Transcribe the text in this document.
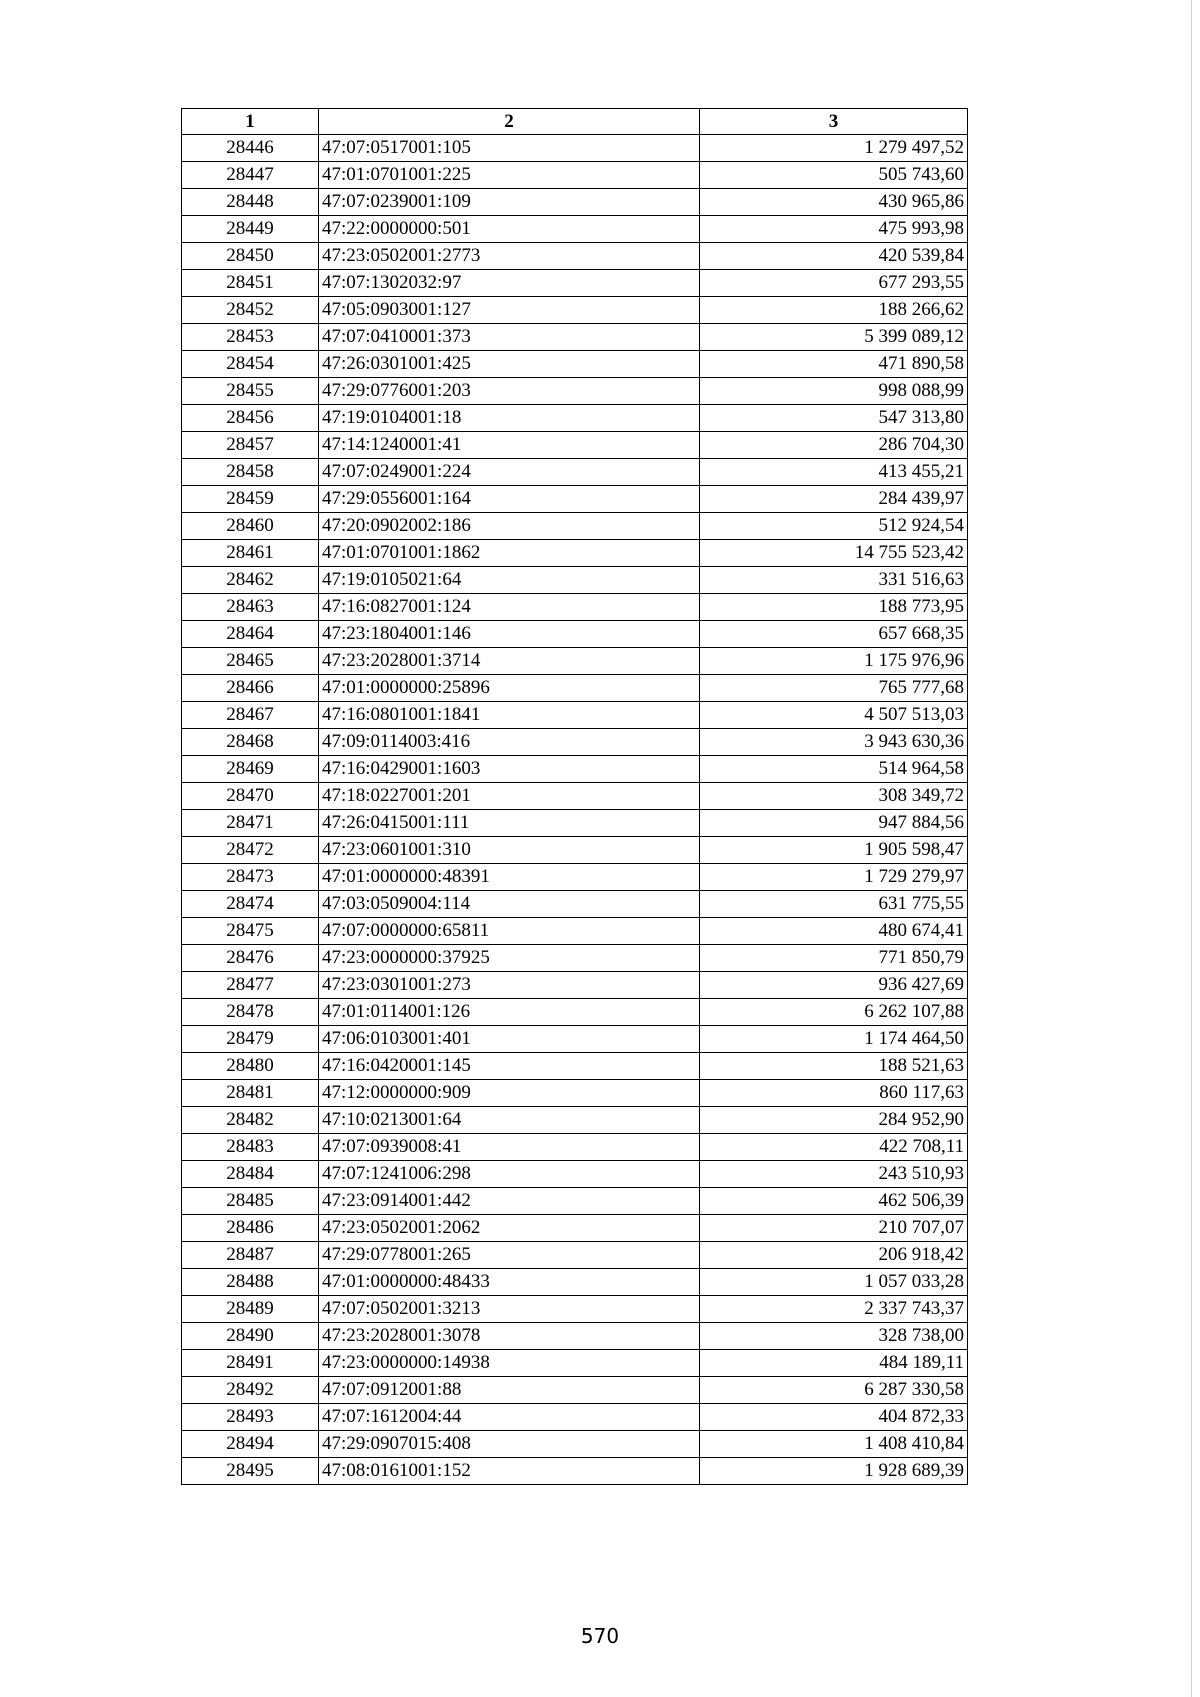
1	2	3
28446	47:07:0517001:105	1 279 497,52
28447	47:01:0701001:225	505 743,60
28448	47:07:0239001:109	430 965,86
28449	47:22:0000000:501	475 993,98
28450	47:23:0502001:2773	420 539,84
28451	47:07:1302032:97	677 293,55
28452	47:05:0903001:127	188 266,62
28453	47:07:0410001:373	5 399 089,12
28454	47:26:0301001:425	471 890,58
28455	47:29:0776001:203	998 088,99
28456	47:19:0104001:18	547 313,80
28457	47:14:1240001:41	286 704,30
28458	47:07:0249001:224	413 455,21
28459	47:29:0556001:164	284 439,97
28460	47:20:0902002:186	512 924,54
28461	47:01:0701001:1862	14 755 523,42
28462	47:19:0105021:64	331 516,63
28463	47:16:0827001:124	188 773,95
28464	47:23:1804001:146	657 668,35
28465	47:23:2028001:3714	1 175 976,96
28466	47:01:0000000:25896	765 777,68
28467	47:16:0801001:1841	4 507 513,03
28468	47:09:0114003:416	3 943 630,36
28469	47:16:0429001:1603	514 964,58
28470	47:18:0227001:201	308 349,72
28471	47:26:0415001:111	947 884,56
28472	47:23:0601001:310	1 905 598,47
28473	47:01:0000000:48391	1 729 279,97
28474	47:03:0509004:114	631 775,55
28475	47:07:0000000:65811	480 674,41
28476	47:23:0000000:37925	771 850,79
28477	47:23:0301001:273	936 427,69
28478	47:01:0114001:126	6 262 107,88
28479	47:06:0103001:401	1 174 464,50
28480	47:16:0420001:145	188 521,63
28481	47:12:0000000:909	860 117,63
28482	47:10:0213001:64	284 952,90
28483	47:07:0939008:41	422 708,11
28484	47:07:1241006:298	243 510,93
28485	47:23:0914001:442	462 506,39
28486	47:23:0502001:2062	210 707,07
28487	47:29:0778001:265	206 918,42
28488	47:01:0000000:48433	1 057 033,28
28489	47:07:0502001:3213	2 337 743,37
28490	47:23:2028001:3078	328 738,00
28491	47:23:0000000:14938	484 189,11
28492	47:07:0912001:88	6 287 330,58
28493	47:07:1612004:44	404 872,33
28494	47:29:0907015:408	1 408 410,84
28495	47:08:0161001:152	1 928 689,39
570
